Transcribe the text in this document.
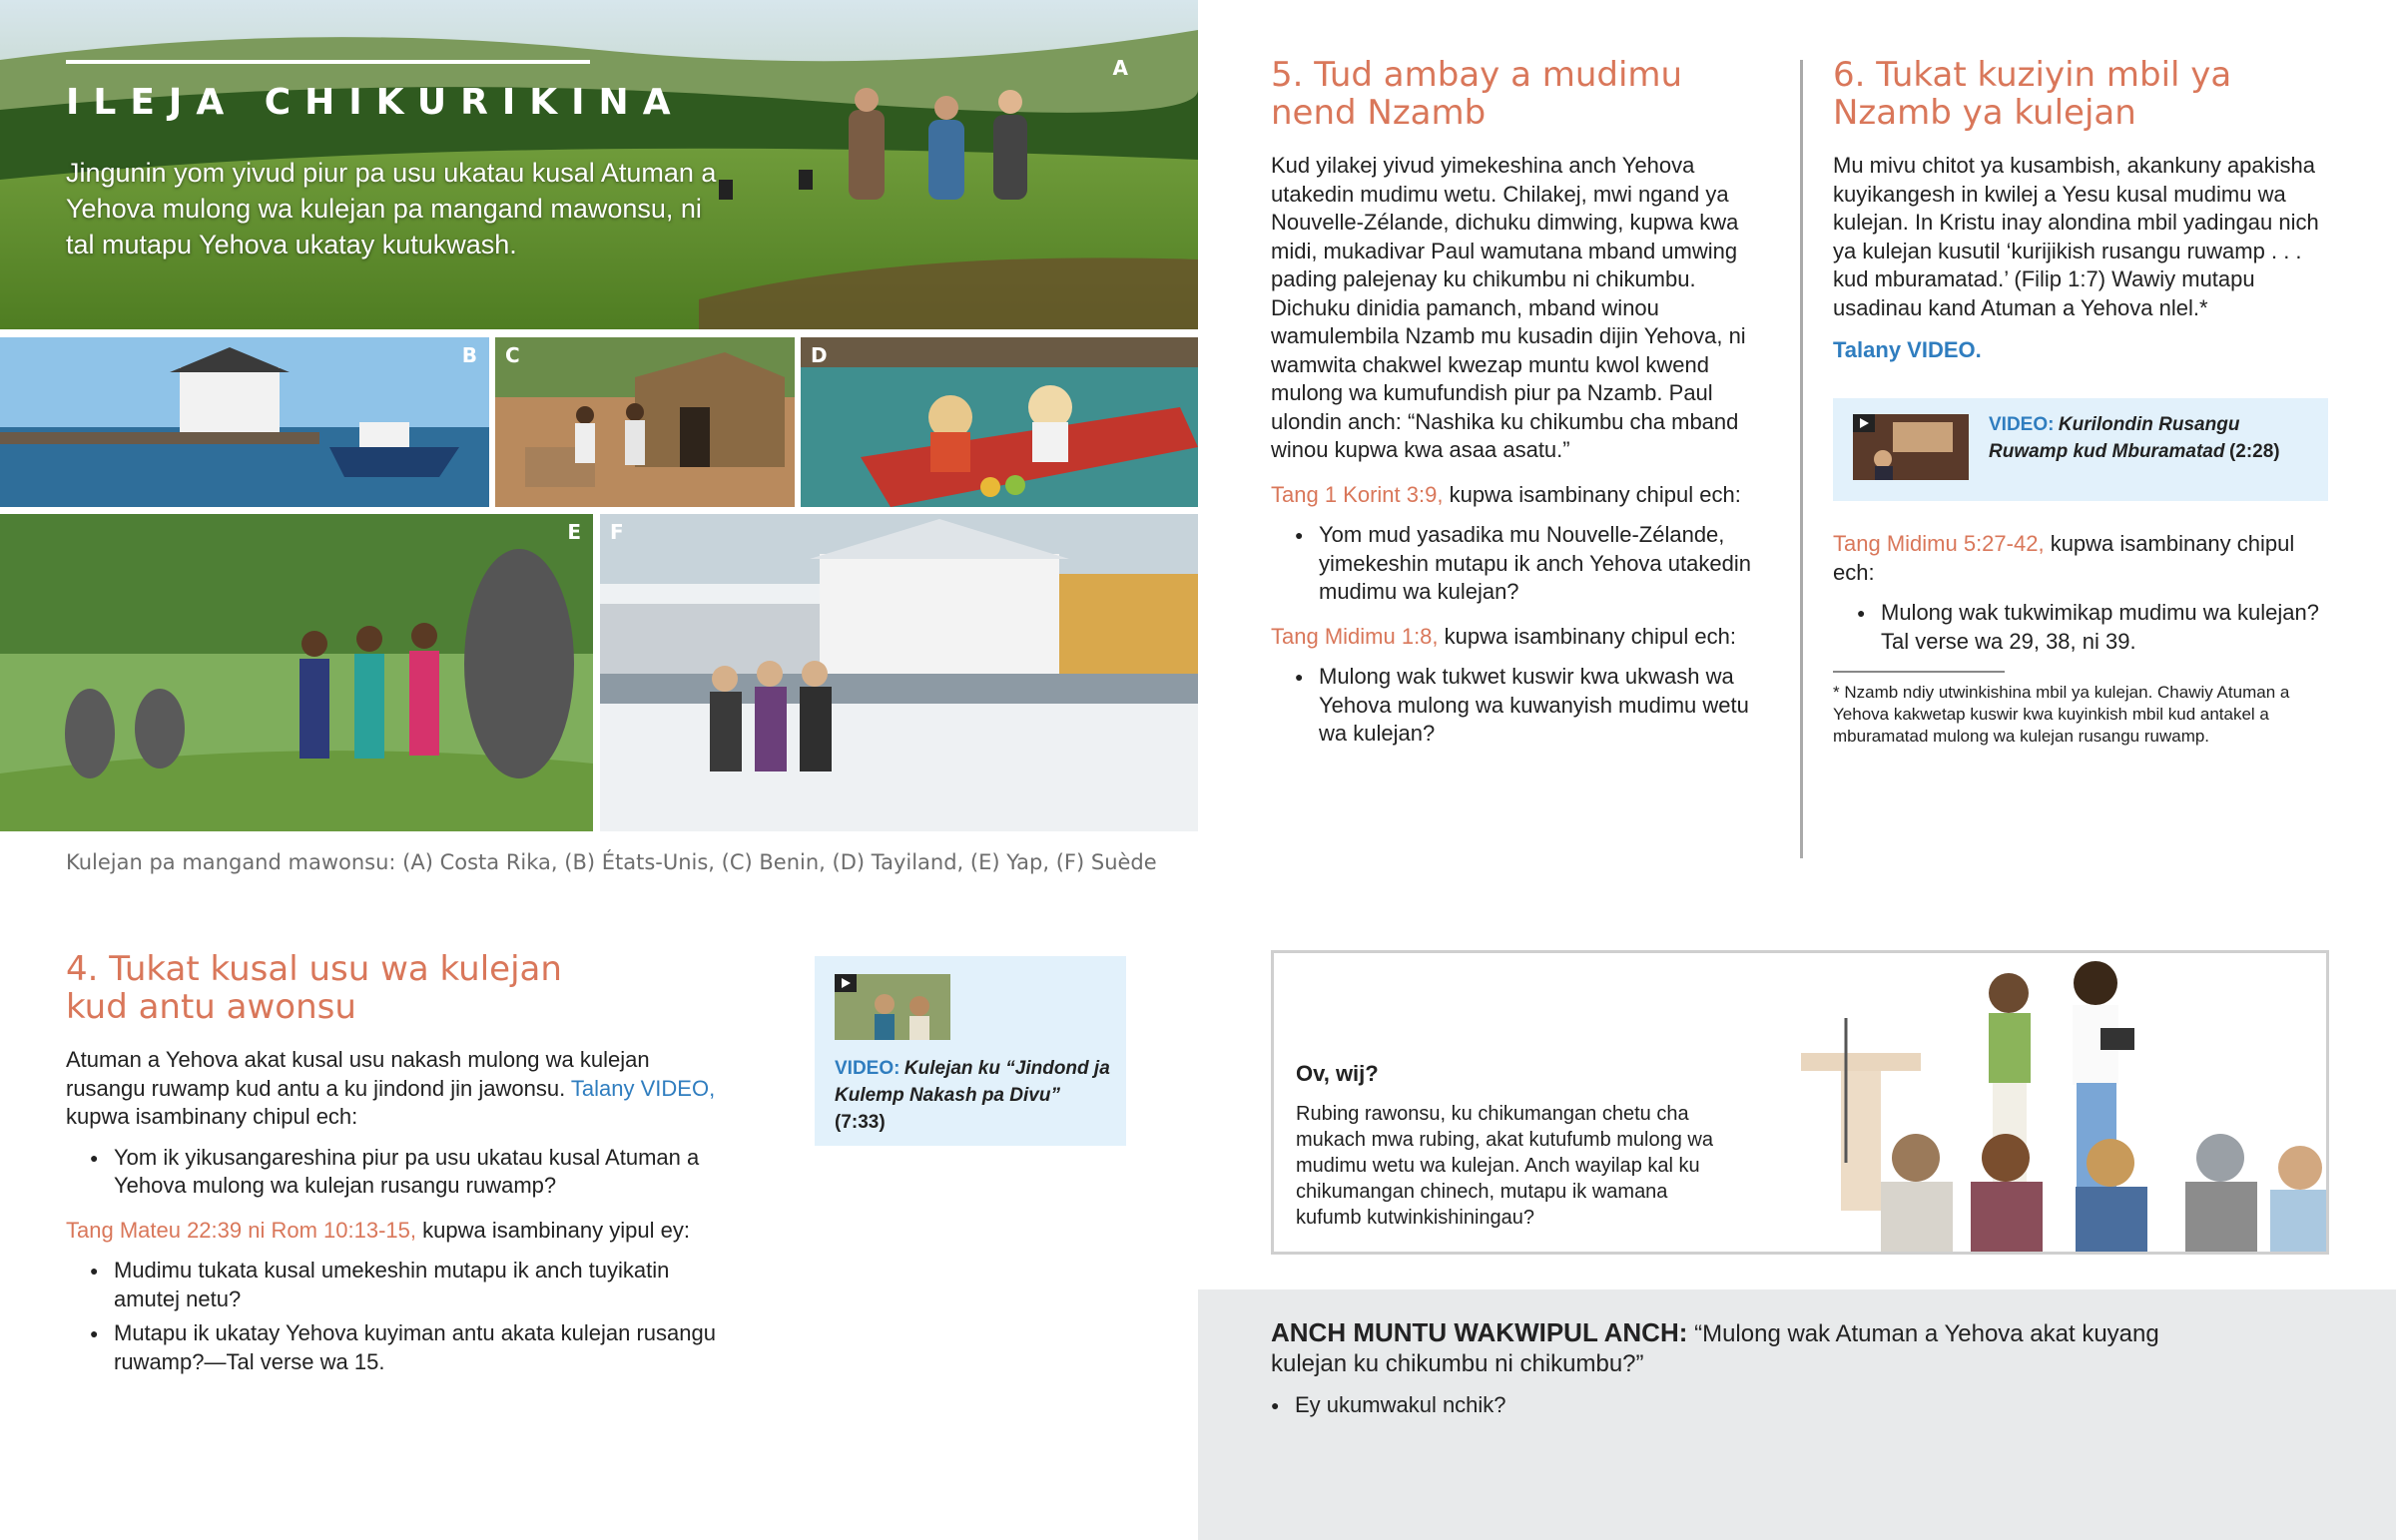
A
ILEJA CHIKURIKINA
Jingunin yom yivud piur pa usu ukatau kusal Atuman a Yehova mulong wa kulejan pa mangand mawonsu, ni tal mutapu Yehova ukatay kutukwash.
B C	D
E F
Kulejan pa mangand mawonsu: (A) Costa Rika, (B) États-Unis, (C) Benin, (D) Tayiland, (E) Yap, (F) Suède
4. Tukat kusal usu wa kulejan
kud antu awonsu

Atuman a Yehova akat kusal usu nakash mulong wa kulejan rusangu ruwamp kud antu a ku jindond jin jawonsu. Talany VIDEO, kupwa isambinany chipul ech:

● Yom ik yikusangareshina piur pa usu ukatau kusal Atuman a Yehova mulong wa kulejan rusangu ruwamp?

Tang Mateu 22:39 ni Rom 10:13-15, kupwa isambinany yipul ey:

● Mudimu tukata kusal umekeshin mutapu ik anch tuyikatin amutej netu?
● Mutapu ik ukatay Yehova kuyiman antu akata kulejan rusangu ruwamp?—Tal verse wa 15.
VIDEO: Kulejan ku “Jindond ja Kulemp Nakash pa Divu” (7:33)
5. Tud ambay a mudimu
nend Nzamb

Kud yilakej yivud yimekeshina anch Yehova utakedin mudimu wetu. Chilakej, mwi ngand ya Nouvelle-Zélande, dichuku dimwing, kupwa kwa midi, mukadivar Paul wamutana mband umwing pading palejenay ku chikumbu ni chikumbu. Dichuku dinidia pamanch, mband winou wamulembila Nzamb mu kusadin dijin Yehova, ni wamwita chakwel kwezap muntu kwol kwend mulong wa kumufundish piur pa Nzamb. Paul ulondin anch: “Nashika ku chikumbu cha mband winou kupwa kwa asaa asatu.”

Tang 1 Korint 3:9, kupwa isambinany chipul ech:

● Yom mud yasadika mu Nouvelle-Zélande, yimekeshin mutapu ik anch Yehova utakedin mudimu wa kulejan?

Tang Midimu 1:8, kupwa isambinany chipul ech:

● Mulong wak tukwet kuswir kwa ukwash wa Yehova mulong wa kuwanyish mudimu wetu wa kulejan?
6. Tukat kuziyin mbil ya
Nzamb ya kulejan

Mu mivu chitot ya kusambish, akankuny apakisha kuyikangesh in kwilej a Yesu kusal mudimu wa kulejan. In Kristu inay alondina mbil yadingau nich ya kulejan kusutil ‘kurijikish rusangu ruwamp . . . kud mburamatad.’ (Filip 1:7) Wawiy mutapu usadinau kand Atuman a Yehova nlel.*

Talany VIDEO.

VIDEO: Kurilondin Rusangu Ruwamp kud Mburamatad (2:28)

Tang Midimu 5:27-42, kupwa isambinany chipul ech:

● Mulong wak tukwimikap mudimu wa kulejan? Tal verse wa 29, 38, ni 39.
* Nzamb ndiy utwinkishina mbil ya kulejan. Chawiy Atuman a Yehova kakwetap kuswir kwa kuyinkish mbil kud antakel a mburamatad mulong wa kulejan rusangu ruwamp.
Ov, wij?
Rubing rawonsu, ku chikumangan chetu cha mukach mwa rubing, akat kutufumb mulong wa mudimu wetu wa kulejan. Anch wayilap kal ku chikumangan chinech, mutapu ik wamana kufumb kutwinkishiningau?
ANCH MUNTU WAKWIPUL ANCH: “Mulong wak Atuman a Yehova akat kuyang kulejan ku chikumbu ni chikumbu?”
● Ey ukumwakul nchik?
